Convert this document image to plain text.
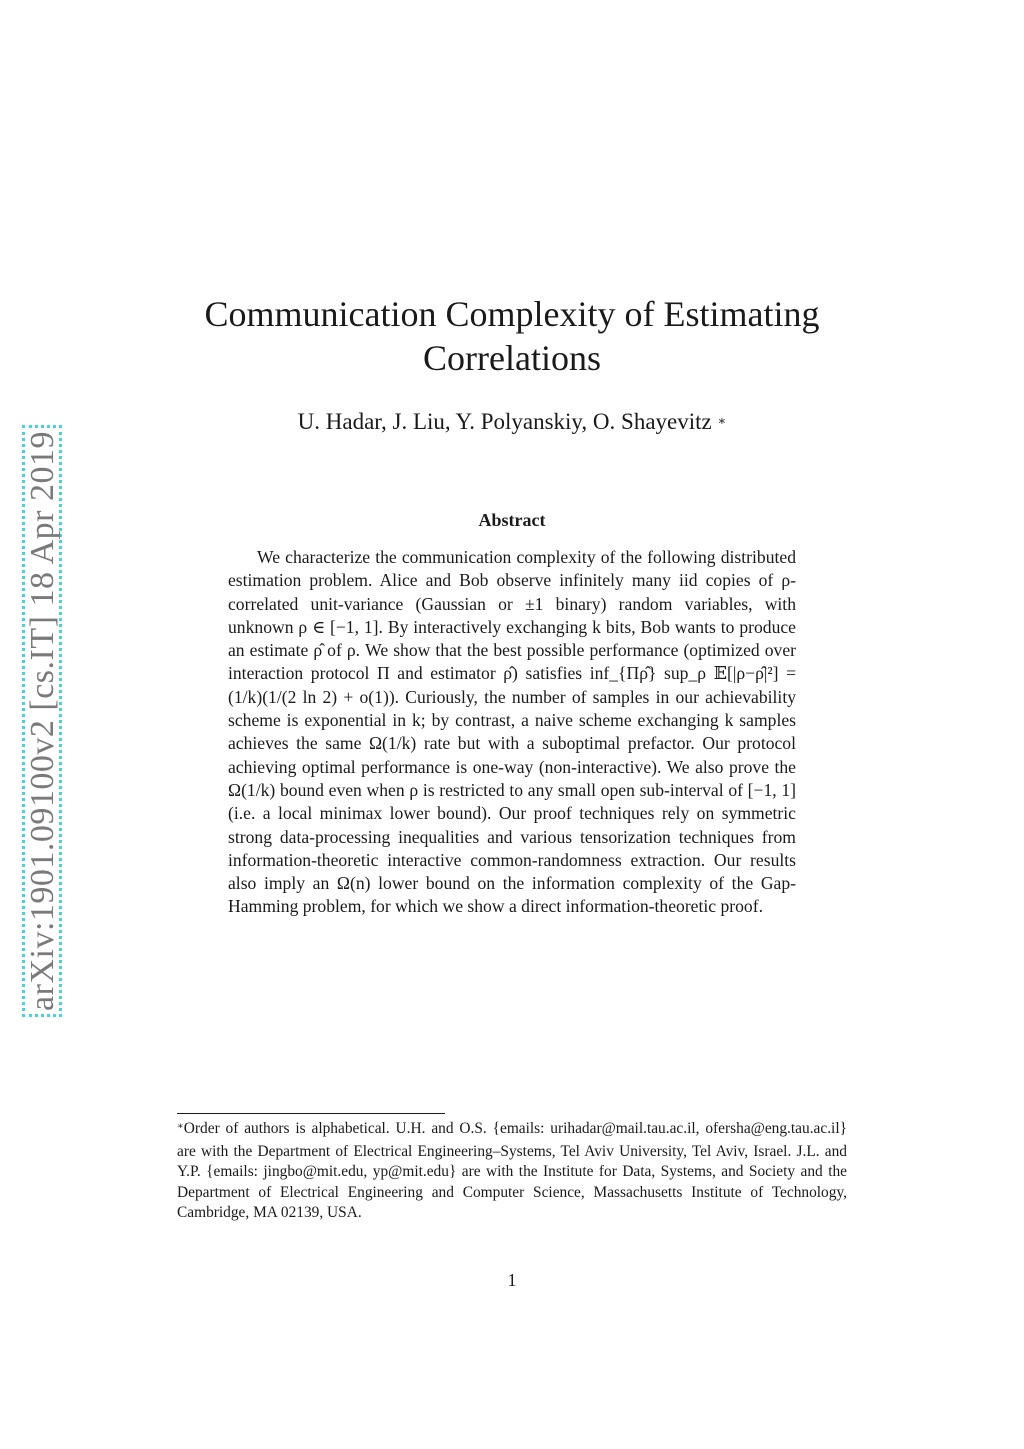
arXiv:1901.09100v2 [cs.IT] 18 Apr 2019
Communication Complexity of Estimating Correlations
U. Hadar, J. Liu, Y. Polyanskiy, O. Shayevitz ∗
Abstract

We characterize the communication complexity of the following distributed estimation problem. Alice and Bob observe infinitely many iid copies of ρ-correlated unit-variance (Gaussian or ±1 binary) random variables, with unknown ρ ∈ [−1, 1]. By interactively exchanging k bits, Bob wants to produce an estimate ρ̂ of ρ. We show that the best possible performance (optimized over interaction protocol Π and estimator ρ̂) satisfies inf_{Πρ̂} sup_ρ 𝔼[|ρ−ρ̂|²] = (1/k)(1/(2 ln 2) + o(1)). Curiously, the number of samples in our achievability scheme is exponential in k; by contrast, a naive scheme exchanging k samples achieves the same Ω(1/k) rate but with a suboptimal prefactor. Our protocol achieving optimal performance is one-way (non-interactive). We also prove the Ω(1/k) bound even when ρ is restricted to any small open sub-interval of [−1, 1] (i.e. a local minimax lower bound). Our proof techniques rely on symmetric strong data-processing inequalities and various tensorization techniques from information-theoretic interactive common-randomness extraction. Our results also imply an Ω(n) lower bound on the information complexity of the Gap-Hamming problem, for which we show a direct information-theoretic proof.

∗Order of authors is alphabetical. U.H. and O.S. {emails: urihadar@mail.tau.ac.il, ofersha@eng.tau.ac.il} are with the Department of Electrical Engineering–Systems, Tel Aviv University, Tel Aviv, Israel. J.L. and Y.P. {emails: jingbo@mit.edu, yp@mit.edu} are with the Institute for Data, Systems, and Society and the Department of Electrical Engineering and Computer Science, Massachusetts Institute of Technology, Cambridge, MA 02139, USA.

1
